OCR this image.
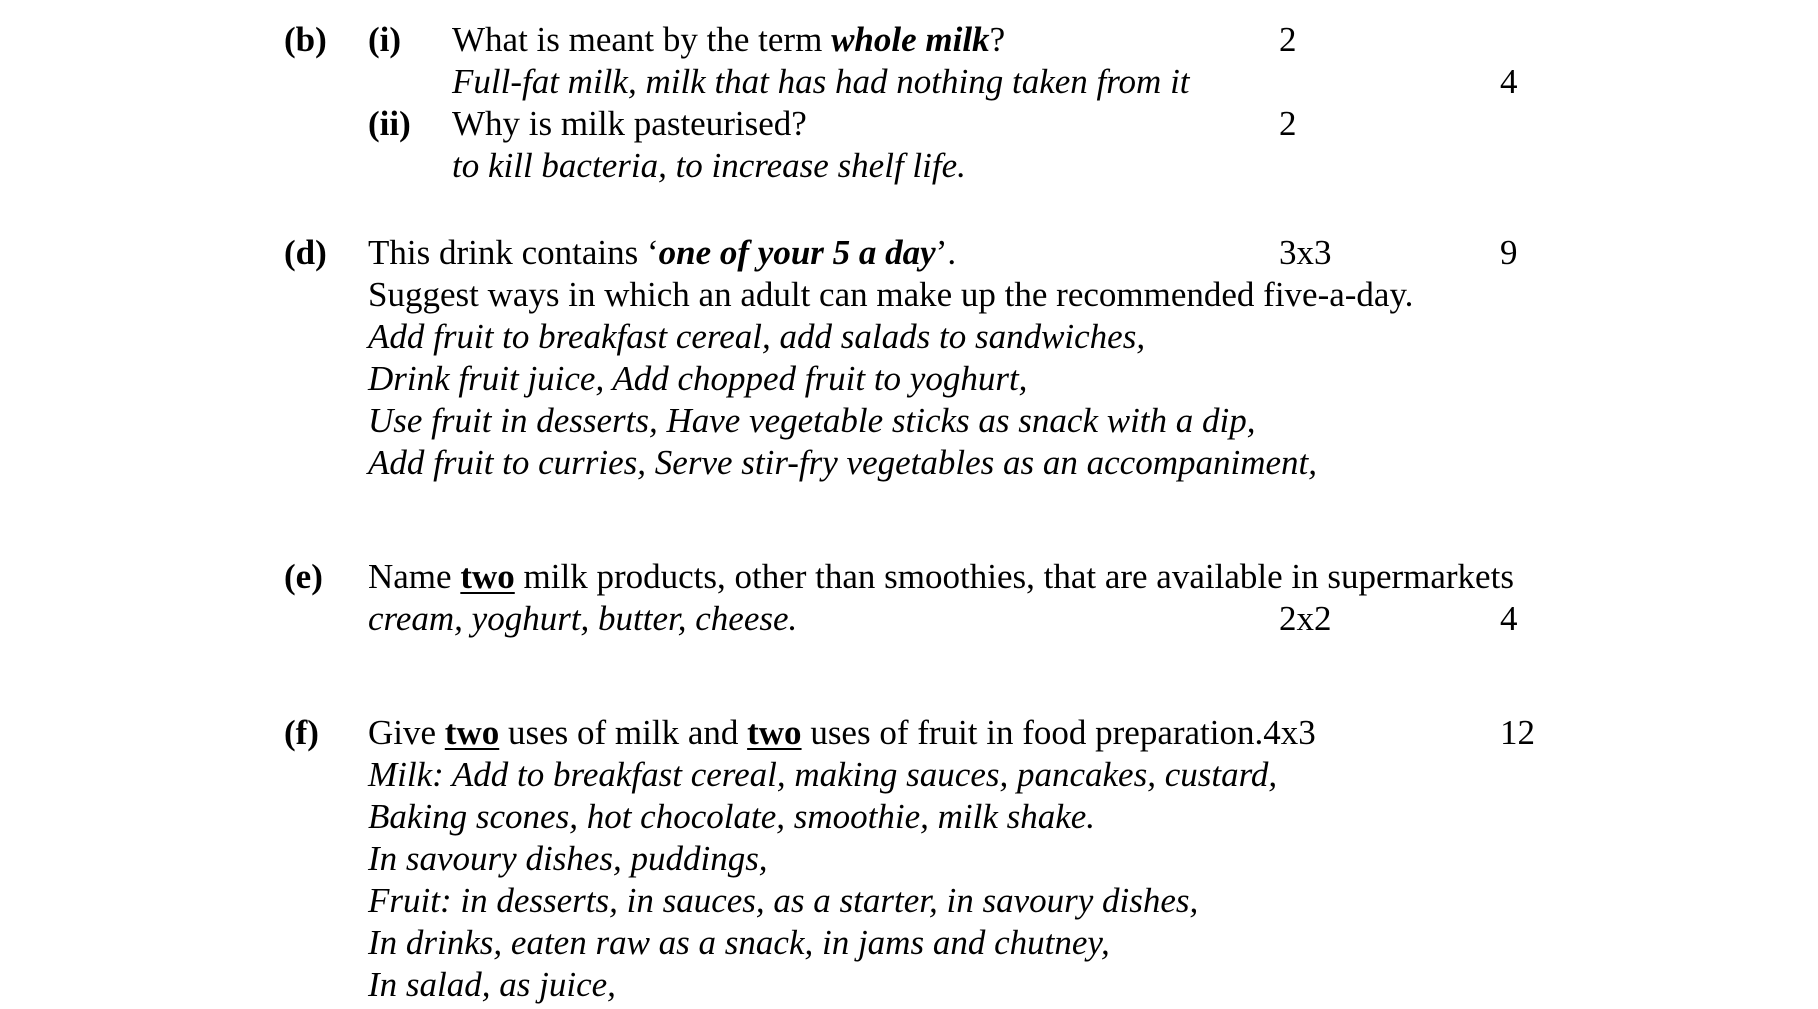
(b) (i) What is meant by the term whole milk?	2
Full-fat milk, milk that has had nothing taken from it	4
(ii) Why is milk pasteurised?	2
to kill bacteria, to increase shelf life.
(d) This drink contains ‘one of your 5 a day’.	3x3	9
Suggest ways in which an adult can make up the recommended five-a-day.
Add fruit to breakfast cereal, add salads to sandwiches,
Drink fruit juice, Add chopped fruit to yoghurt,
Use fruit in desserts, Have vegetable sticks as snack with a dip,
Add fruit to curries, Serve stir-fry vegetables as an accompaniment,
(e) Name two milk products, other than smoothies, that are available in supermarkets
cream, yoghurt, butter, cheese.	2x2	4
(f) Give two uses of milk and two uses of fruit in food preparation.4x3	12
Milk: Add to breakfast cereal, making sauces, pancakes, custard,
Baking scones, hot chocolate, smoothie, milk shake.
In savoury dishes, puddings,
Fruit: in desserts, in sauces, as a starter, in savoury dishes,
In drinks, eaten raw as a snack, in jams and chutney,
In salad, as juice,
